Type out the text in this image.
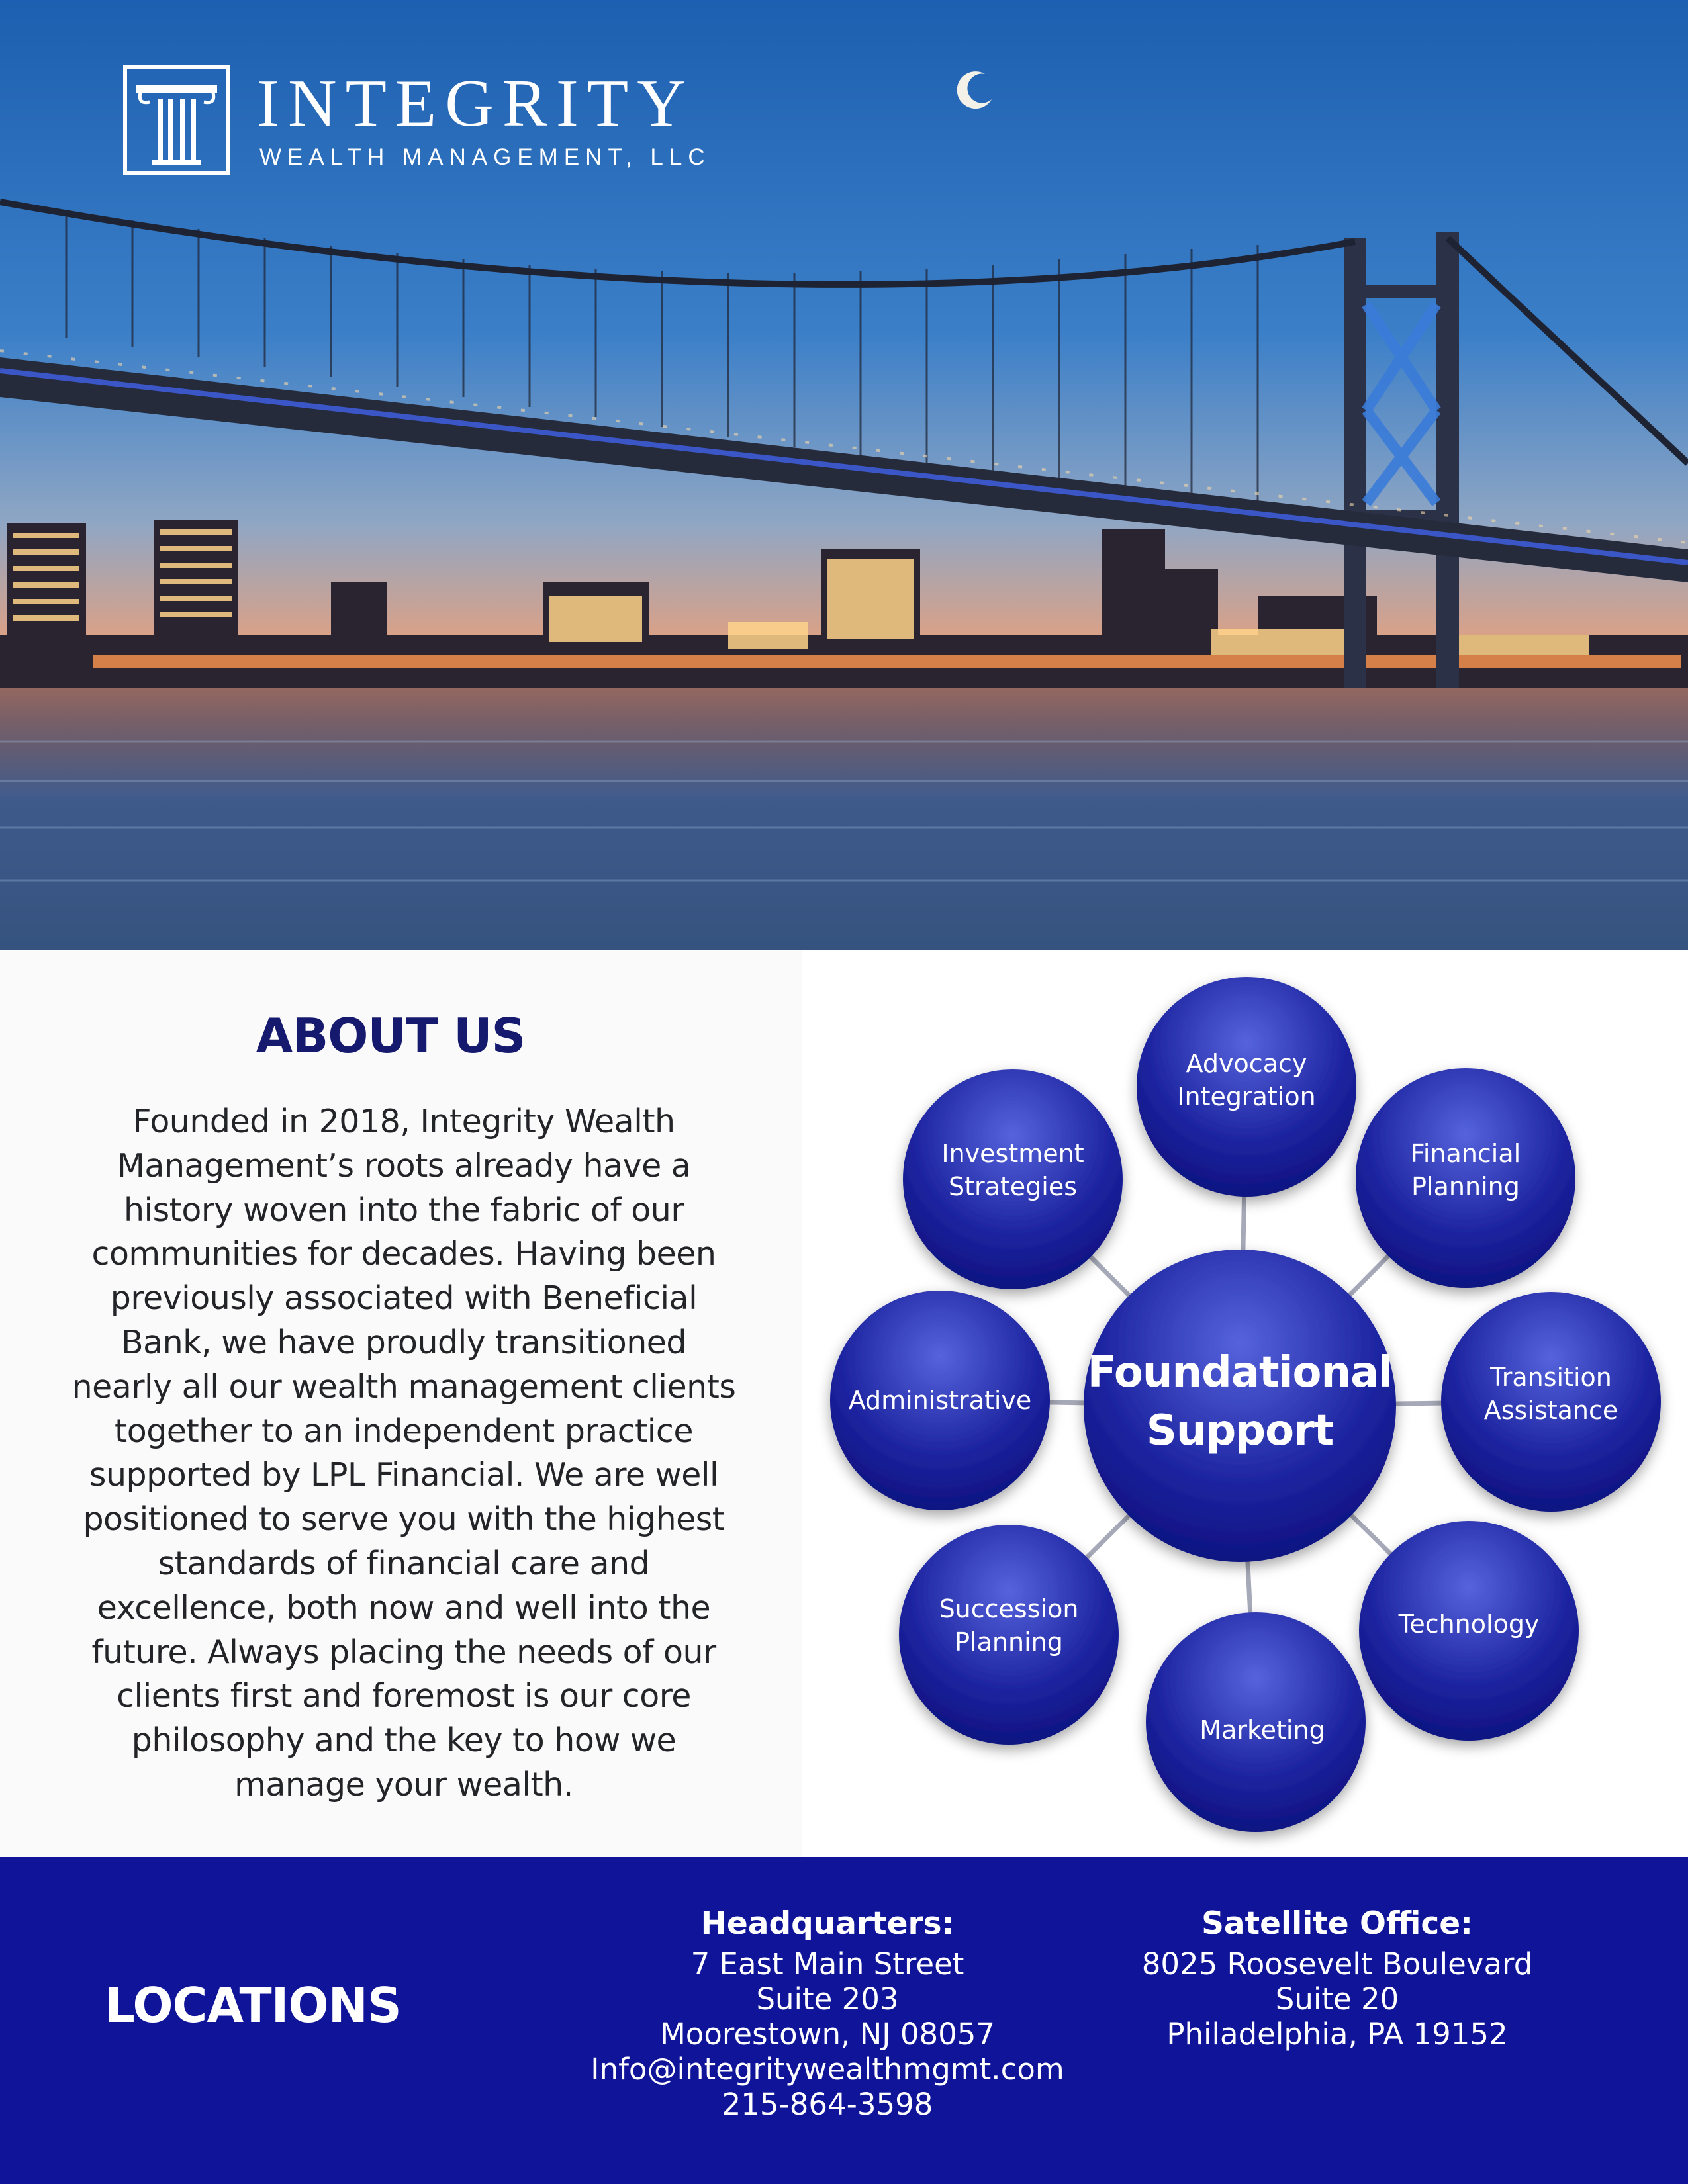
INTEGRITY
WEALTH MANAGEMENT, LLC
ABOUT US

Founded in 2018, Integrity Wealth Management’s roots already have a history woven into the fabric of our communities for decades. Having been previously associated with Beneficial Bank, we have proudly transitioned nearly all our wealth management clients together to an independent practice supported by LPL Financial. We are well positioned to serve you with the highest standards of financial care and excellence, both now and well into the future. Always placing the needs of our clients first and foremost is our core philosophy and the key to how we manage your wealth.

Advocacy
Integration
Financial
Planning
Transition
Assistance
Technology
Marketing
Succession
Planning
Administrative
Investment
Strategies
Foundational
Support
LOCATIONS
Headquarters:
7 East Main Street
Suite 203
Moorestown, NJ 08057
Info@integritywealthmgmt.com
215-864-3598
Satellite Office:
8025 Roosevelt Boulevard
Suite 20
Philadelphia, PA 19152
